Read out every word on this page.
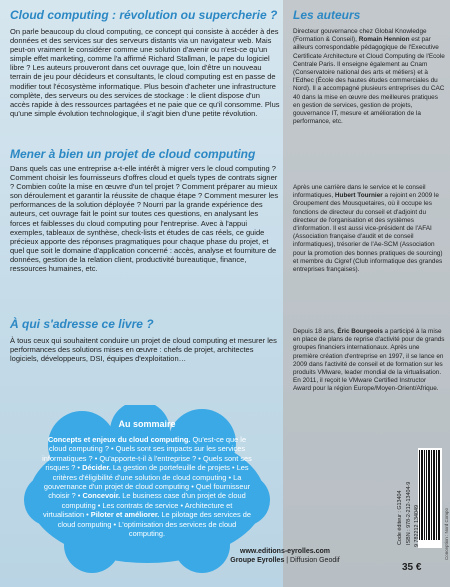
Cloud computing : révolution ou supercherie ?

On parle beaucoup du cloud computing, ce concept qui consiste à accéder à des données et des services sur des serveurs distants via un navigateur web. Mais peut-on vraiment le considérer comme une solution d'avenir ou n'est-ce qu'un simple effet marketing, comme l'a affirmé Richard Stallman, le pape du logiciel libre ? Les auteurs prouveront dans cet ouvrage que, loin d'être un nouveau terrain de jeu pour décideurs et consultants, le cloud computing est en passe de modifier tout l'écosystème informatique. Plus besoin d'acheter une infrastructure complète, des serveurs ou des services de stockage : le client dispose d'un accès rapide à des ressources partagées et ne paie que ce qu'il consomme. Plus qu'une simple évolution technologique, il s'agit bien d'une petite révolution.

Mener à bien un projet de cloud computing

Dans quels cas une entreprise a-t-elle intérêt à migrer vers le cloud computing ? Comment choisir les fournisseurs d'offres cloud et quels types de contrats signer ? Combien coûte la mise en œuvre d'un tel projet ? Comment préparer au mieux son déroulement et garantir la réussite de chaque étape ? Comment mesurer les performances de la solution déployée ? Nourri par la grande expérience des auteurs, cet ouvrage fait le point sur toutes ces questions, en analysant les forces et faiblesses du cloud computing pour l'entreprise. Avec à l'appui exemples, tableaux de synthèse, check-lists et études de cas réels, ce guide précieux apporte des réponses pragmatiques pour chaque phase du projet, et quel que soit le domaine d'application concerné : accès, analyse et fourniture de données, gestion de la relation client, productivité bureautique, finance, ressources humaines, etc.

À qui s'adresse ce livre ?

À tous ceux qui souhaitent conduire un projet de cloud computing et mesurer les performances des solutions mises en œuvre : chefs de projet, architectes logiciels, développeurs, DSI, équipes d'exploitation…

Au sommaire
Concepts et enjeux du cloud computing. Qu'est-ce que le cloud computing ? • Quels sont ses impacts sur les services informatiques ? • Qu'apporte-t-il à l'entreprise ? • Quels sont ses risques ? • Décider. La gestion de portefeuille de projets • Les critères d'éligibilité d'une solution de cloud computing • La gouvernance d'un projet de cloud computing • Quel fournisseur choisir ? • Concevoir. Le business case d'un projet de cloud computing • Les contrats de service • Architecture et virtualisation • Piloter et améliorer. Le pilotage des services de cloud computing • L'optimisation des services de cloud computing.
Les auteurs
Directeur gouvernance chez Global Knowledge (Formation & Conseil), Romain Hennion est par ailleurs correspondable pédagogique de l'Executive Certificate Architecture et Cloud Computing de l'Ecole Centrale Paris. Il enseigne également au Cnam (Conservatoire national des arts et métiers) et à l'Edhec (École des hautes études commerciales du Nord). Il a accompagné plusieurs entreprises du CAC 40 dans la mise en œuvre des meilleures pratiques en gestion de services, gestion de projets, gouvernance IT, mesure et amélioration de la performance, etc.
Après une carrière dans le service et le conseil informatiques, Hubert Tournier a rejoint en 2009 le Groupement des Mousquetaires, où il occupe les fonctions de directeur du conseil et d'adjoint du directeur de l'organisation et des systèmes d'information. Il est aussi vice-président de l'AFAI (Association française d'audit et de conseil informatiques), trésorier de l'Ae-SCM (Association pour la promotion des bonnes pratiques de sourcing) et membre du Cigref (Club informatique des grandes entreprises françaises).
Depuis 18 ans, Éric Bourgeois a participé à la mise en place de plans de reprise d'activité pour de grands groupes financiers internationaux. Après une première création d'entreprise en 1997, il se lance en 2009 dans l'activité de conseil et de formation sur les produits VMware, leader mondial de la virtualisation. En 2011, il reçoit le VMware Certified Instructor Award pour la région Europe/Moyen-Orient/Afrique.
Code éditeur : G13404 ISBN : 978-2-212-13404-9 9 782212 134049	Conception : Nord Compo
www.editions-eyrolles.com
Groupe Eyrolles | Diffusion Geodif
35 €
